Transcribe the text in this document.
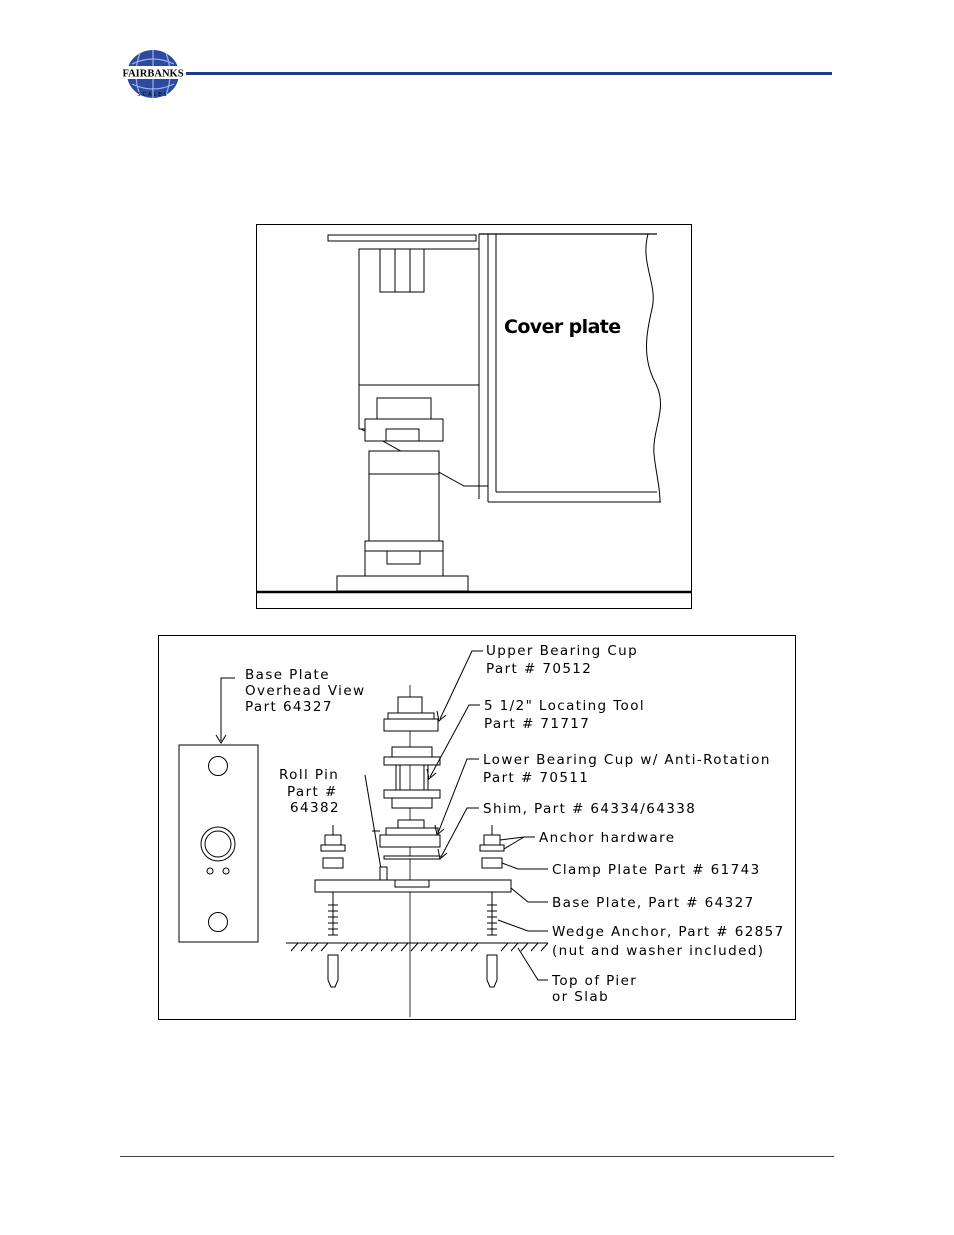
FAIRBANKS
SCALES
Cover plate
Base Plate Overhead View Part 64327
Roll Pin Part # 64382
Upper Bearing Cup Part # 70512
5 1/2" Locating Tool Part # 71717
Lower Bearing Cup w/ Anti-Rotation Part # 70511
Shim, Part # 64334/64338
Anchor hardware
Clamp Plate Part # 61743
Base Plate, Part # 64327
Wedge Anchor, Part # 62857 (nut and washer included)
Top of Pier or Slab
